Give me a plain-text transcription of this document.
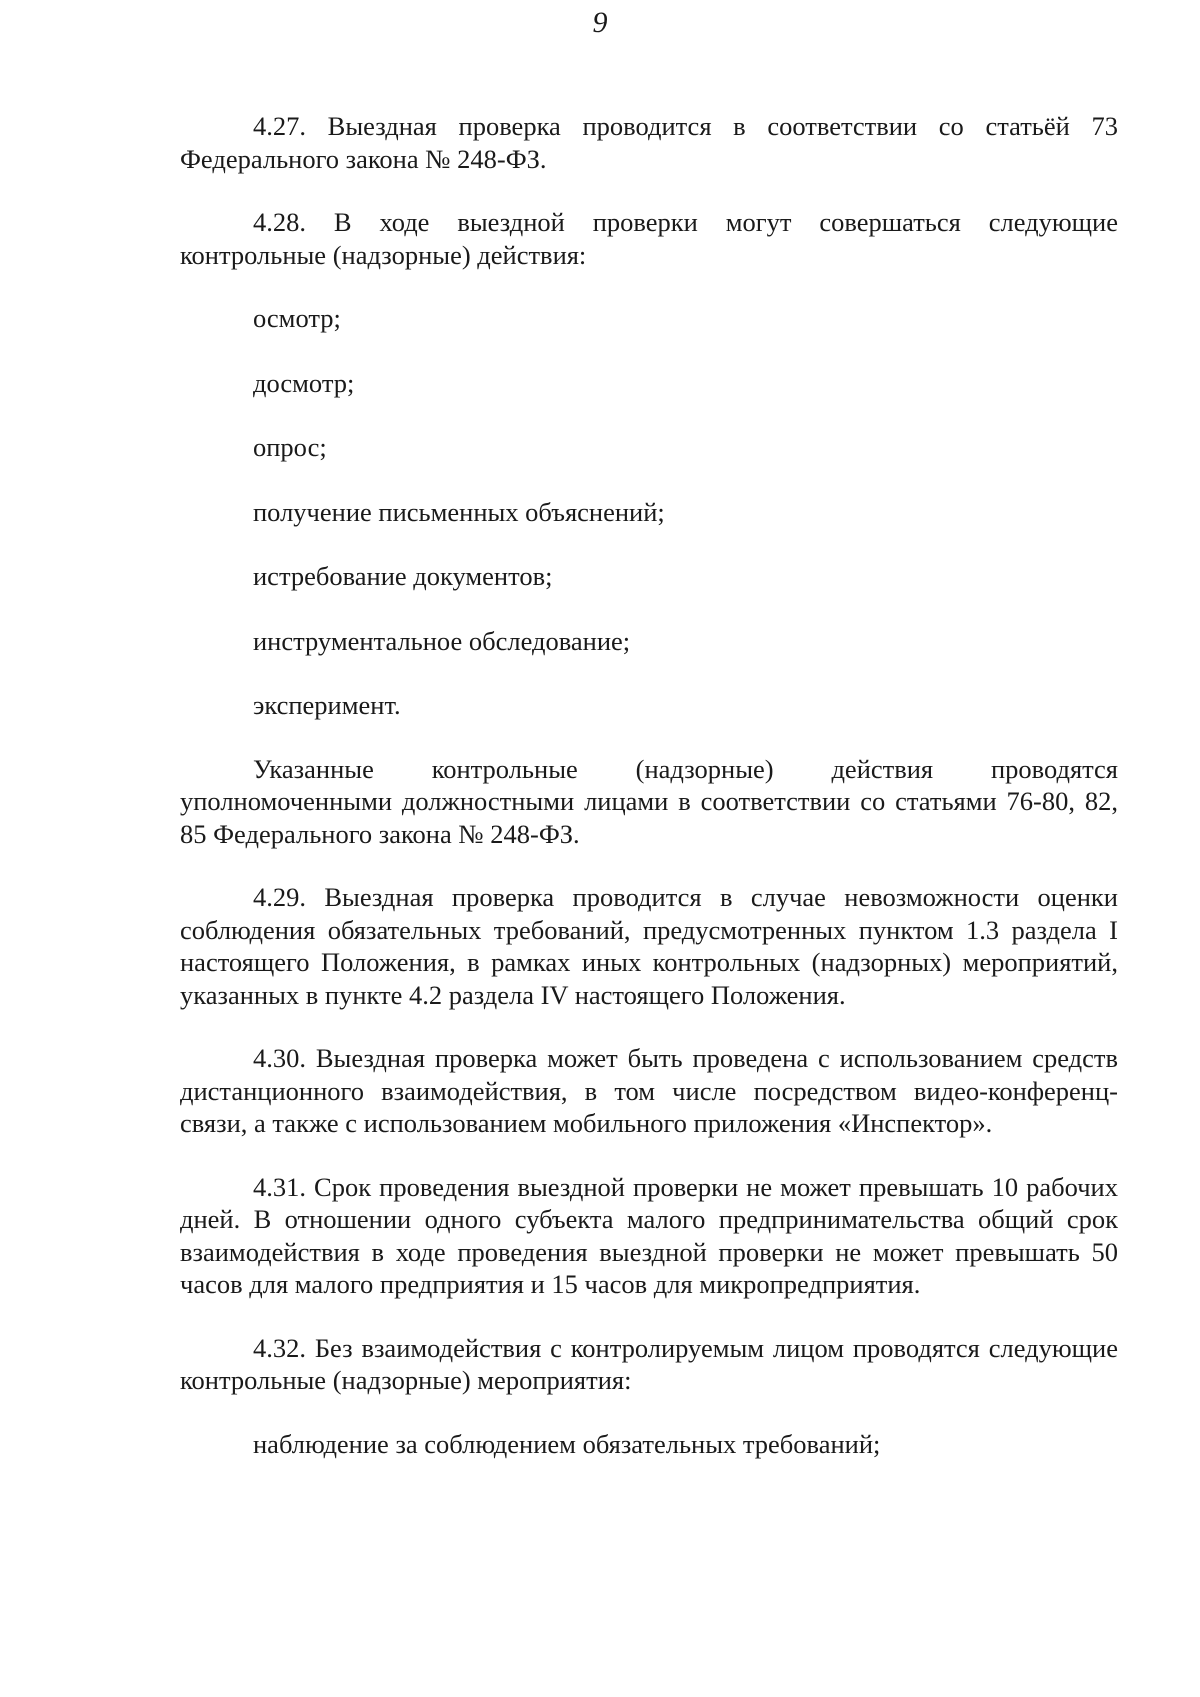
9

4.27. Выездная проверка проводится в соответствии со статьёй 73 Федерального закона № 248-ФЗ.

4.28. В ходе выездной проверки могут совершаться следующие контрольные (надзорные) действия:

осмотр;
досмотр;
опрос;
получение письменных объяснений;
истребование документов;
инструментальное обследование;
эксперимент.

Указанные контрольные (надзорные) действия проводятся уполномоченными должностными лицами в соответствии со статьями 76-80, 82, 85 Федерального закона № 248-ФЗ.

4.29. Выездная проверка проводится в случае невозможности оценки соблюдения обязательных требований, предусмотренных пунктом 1.3 раздела I настоящего Положения, в рамках иных контрольных (надзорных) мероприятий, указанных в пункте 4.2 раздела IV настоящего Положения.

4.30. Выездная проверка может быть проведена с использованием средств дистанционного взаимодействия, в том числе посредством видео-конференц-связи, а также с использованием мобильного приложения «Инспектор».

4.31. Срок проведения выездной проверки не может превышать 10 рабочих дней. В отношении одного субъекта малого предпринимательства общий срок взаимодействия в ходе проведения выездной проверки не может превышать 50 часов для малого предприятия и 15 часов для микропредприятия.

4.32. Без взаимодействия с контролируемым лицом проводятся следующие контрольные (надзорные) мероприятия:

наблюдение за соблюдением обязательных требований;
